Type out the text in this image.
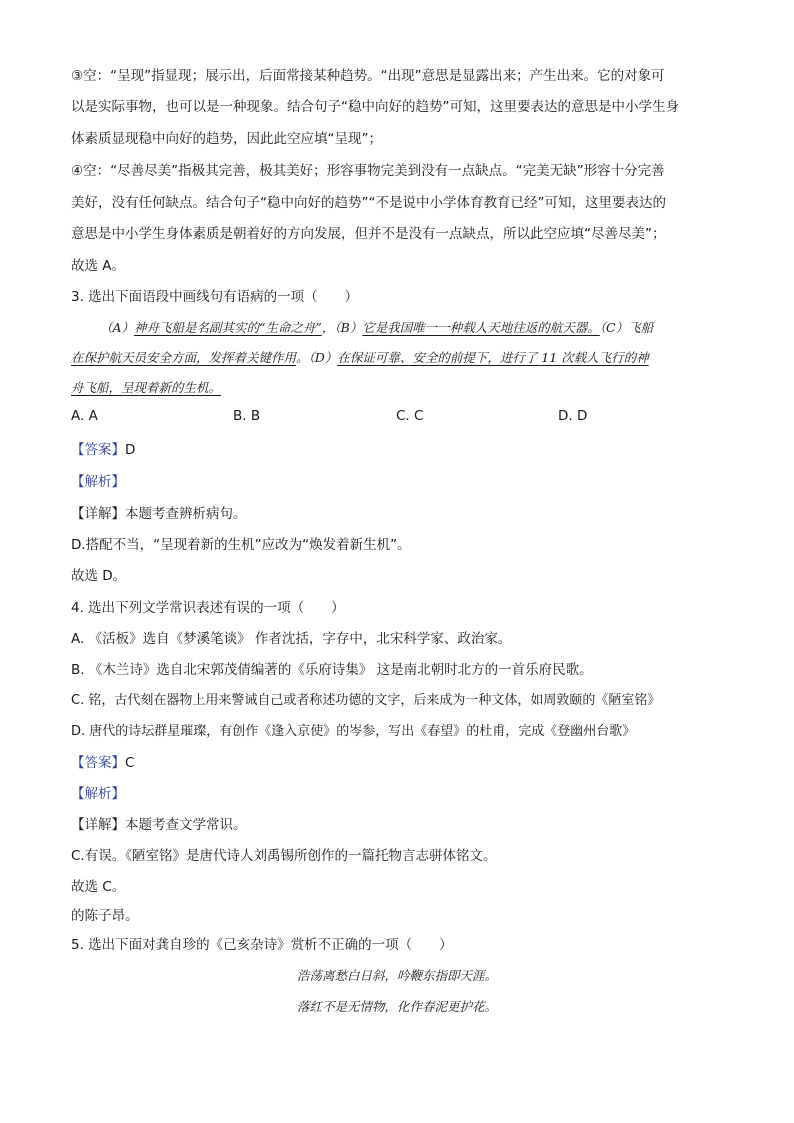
③空：“呈现”指显现；展示出，后面常接某种趋势。“出现”意思是显露出来；产生出来。它的对象可
以是实际事物，也可以是一种现象。结合句子“稳中向好的趋势”可知，这里要表达的意思是中小学生身
体素质显现稳中向好的趋势，因此此空应填“呈现”；
④空：“尽善尽美”指极其完善，极其美好；形容事物完美到没有一点缺点。“完美无缺”形容十分完善
美好，没有任何缺点。结合句子“稳中向好的趋势”“不是说中小学体育教育已经”可知，这里要表达的
意思是中小学生身体素质是朝着好的方向发展，但并不是没有一点缺点，所以此空应填“尽善尽美”；
故选 A。
3. 选出下面语段中画线句有语病的一项（　　）
（A）神舟飞船是名副其实的“生命之舟”，（B）它是我国唯一一种载人天地往返的航天器。（C）飞船
在保护航天员安全方面，发挥着关键作用。（D）在保证可靠、安全的前提下，进行了 11 次载人飞行的神
舟飞船，呈现着新的生机。
A. A	B. B	C. C	D. D
【答案】D
【解析】
【详解】本题考查辨析病句。
D.搭配不当，“呈现着新的生机”应改为“焕发着新生机”。
故选 D。
4. 选出下列文学常识表述有误的一项（　　）
A. 《活板》选自《梦溪笔谈》 作者沈括，字存中，北宋科学家、政治家。
B. 《木兰诗》选自北宋郭茂倩编著的《乐府诗集》 这是南北朝时北方的一首乐府民歌。
C. 铭，古代刻在器物上用来警诫自己或者称述功德的文字，后来成为一种文体，如周敦颐的《陋室铭》
D. 唐代的诗坛群星璀璨，有创作《逢入京使》的岑参，写出《春望》的杜甫，完成《登幽州台歌》
【答案】C
【解析】
【详解】本题考查文学常识。
C.有误。《陋室铭》是唐代诗人刘禹锡所创作的一篇托物言志骈体铭文。
故选 C。
的陈子昂。
5. 选出下面对龚自珍的《己亥杂诗》赏析不正确的一项（　　）
浩荡离愁白日斜，吟鞭东指即天涯。
落红不是无情物，化作春泥更护花。
